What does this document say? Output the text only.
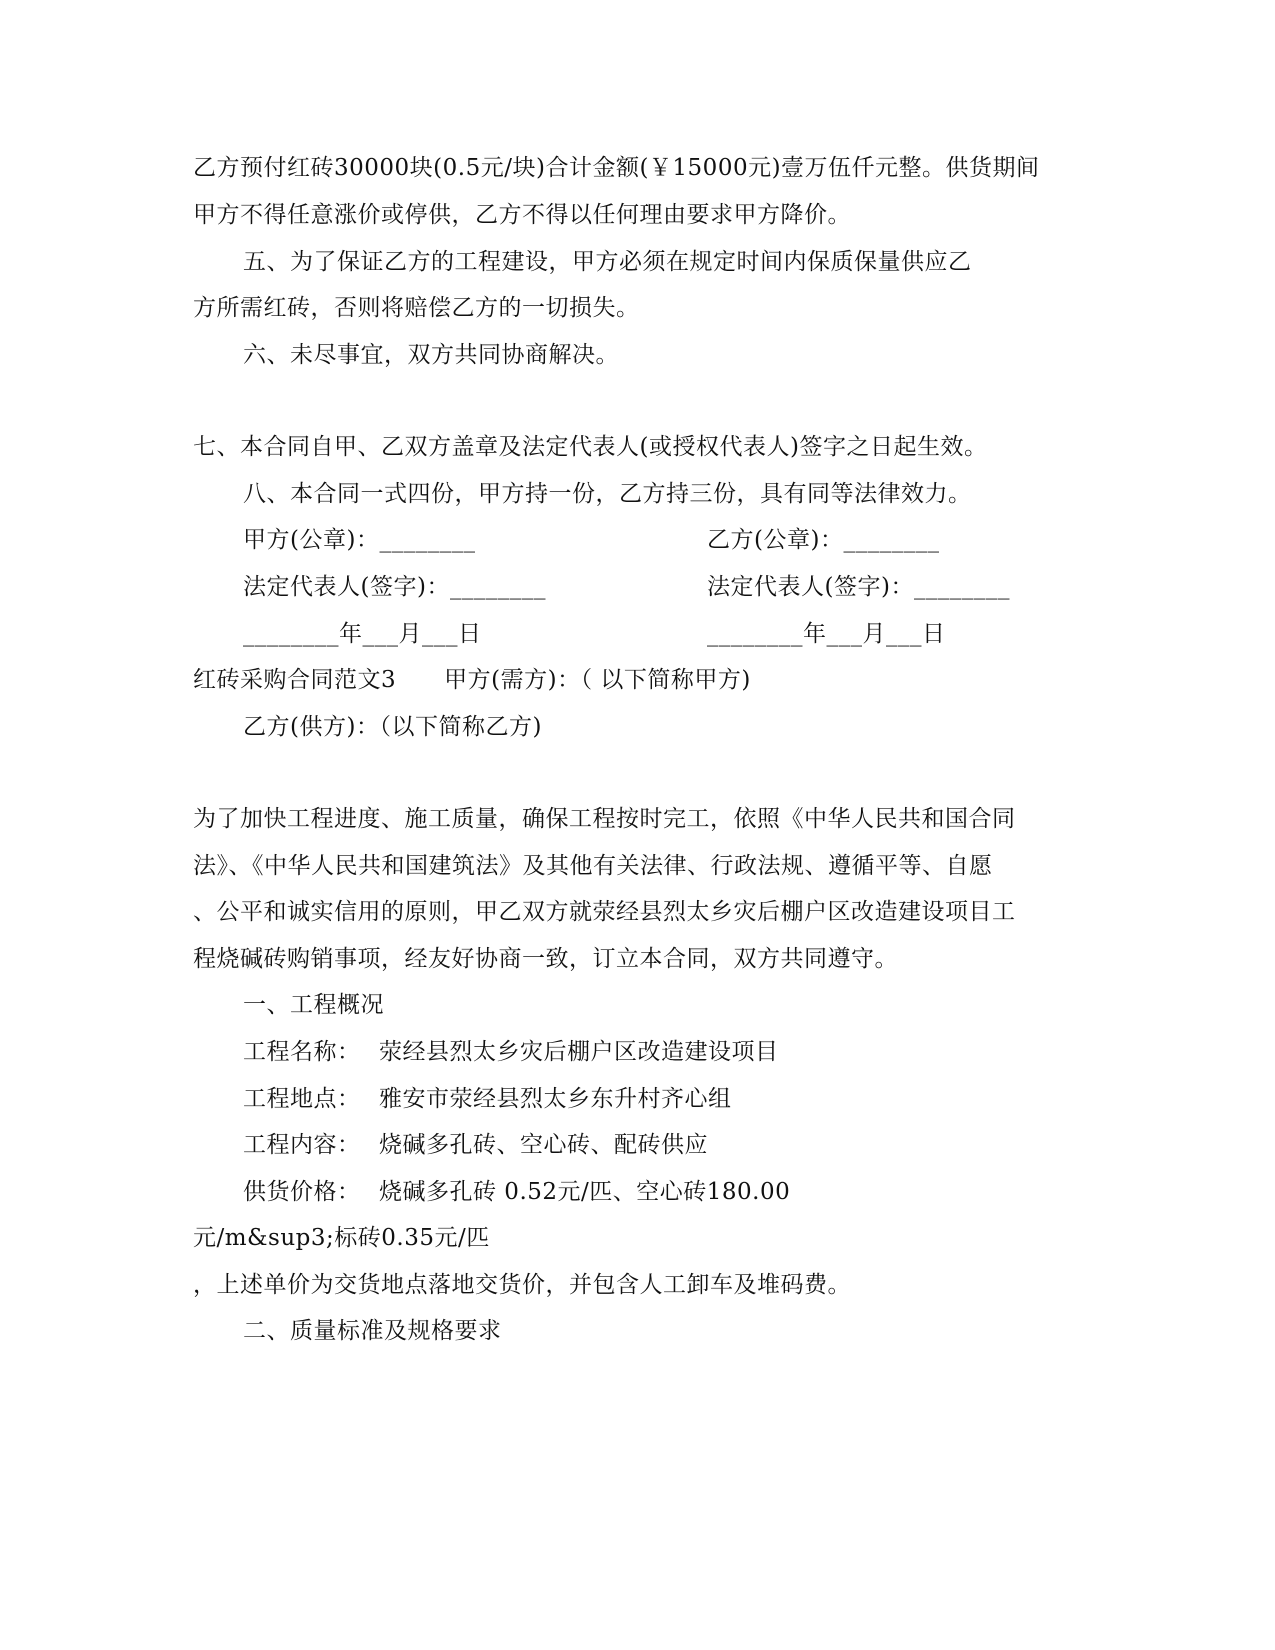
乙方预付红砖30000块(0.5元/块)合计金额(￥15000元)壹万伍仟元整。供货期间
甲方不得任意涨价或停供，乙方不得以任何理由要求甲方降价。
五、为了保证乙方的工程建设，甲方必须在规定时间内保质保量供应乙
方所需红砖，否则将赔偿乙方的一切损失。
六、未尽事宜，双方共同协商解决。
七、本合同自甲、乙双方盖章及法定代表人(或授权代表人)签字之日起生效。
八、本合同一式四份，甲方持一份，乙方持三份，具有同等法律效力。
甲方(公章)：________	乙方(公章)：________
法定代表人(签字)：________	法定代表人(签字)：________
________年___月___日	________年___月___日
红砖采购合同范文3 甲方(需方)：（ 以下简称甲方)
乙方(供方)：（以下简称乙方)
为了加快工程进度、施工质量，确保工程按时完工，依照《中华人民共和国合同
法》、《中华人民共和国建筑法》及其他有关法律、行政法规、遵循平等、自愿
、公平和诚实信用的原则，甲乙双方就荥经县烈太乡灾后棚户区改造建设项目工
程烧碱砖购销事项，经友好协商一致，订立本合同，双方共同遵守。
一、工程概况
工程名称： 荥经县烈太乡灾后棚户区改造建设项目
工程地点： 雅安市荥经县烈太乡东升村齐心组
工程内容： 烧碱多孔砖、空心砖、配砖供应
供货价格： 烧碱多孔砖 0.52元/匹、空心砖180.00
元/m&sup3;标砖0.35元/匹
，上述单价为交货地点落地交货价，并包含人工卸车及堆码费。
二、质量标准及规格要求
